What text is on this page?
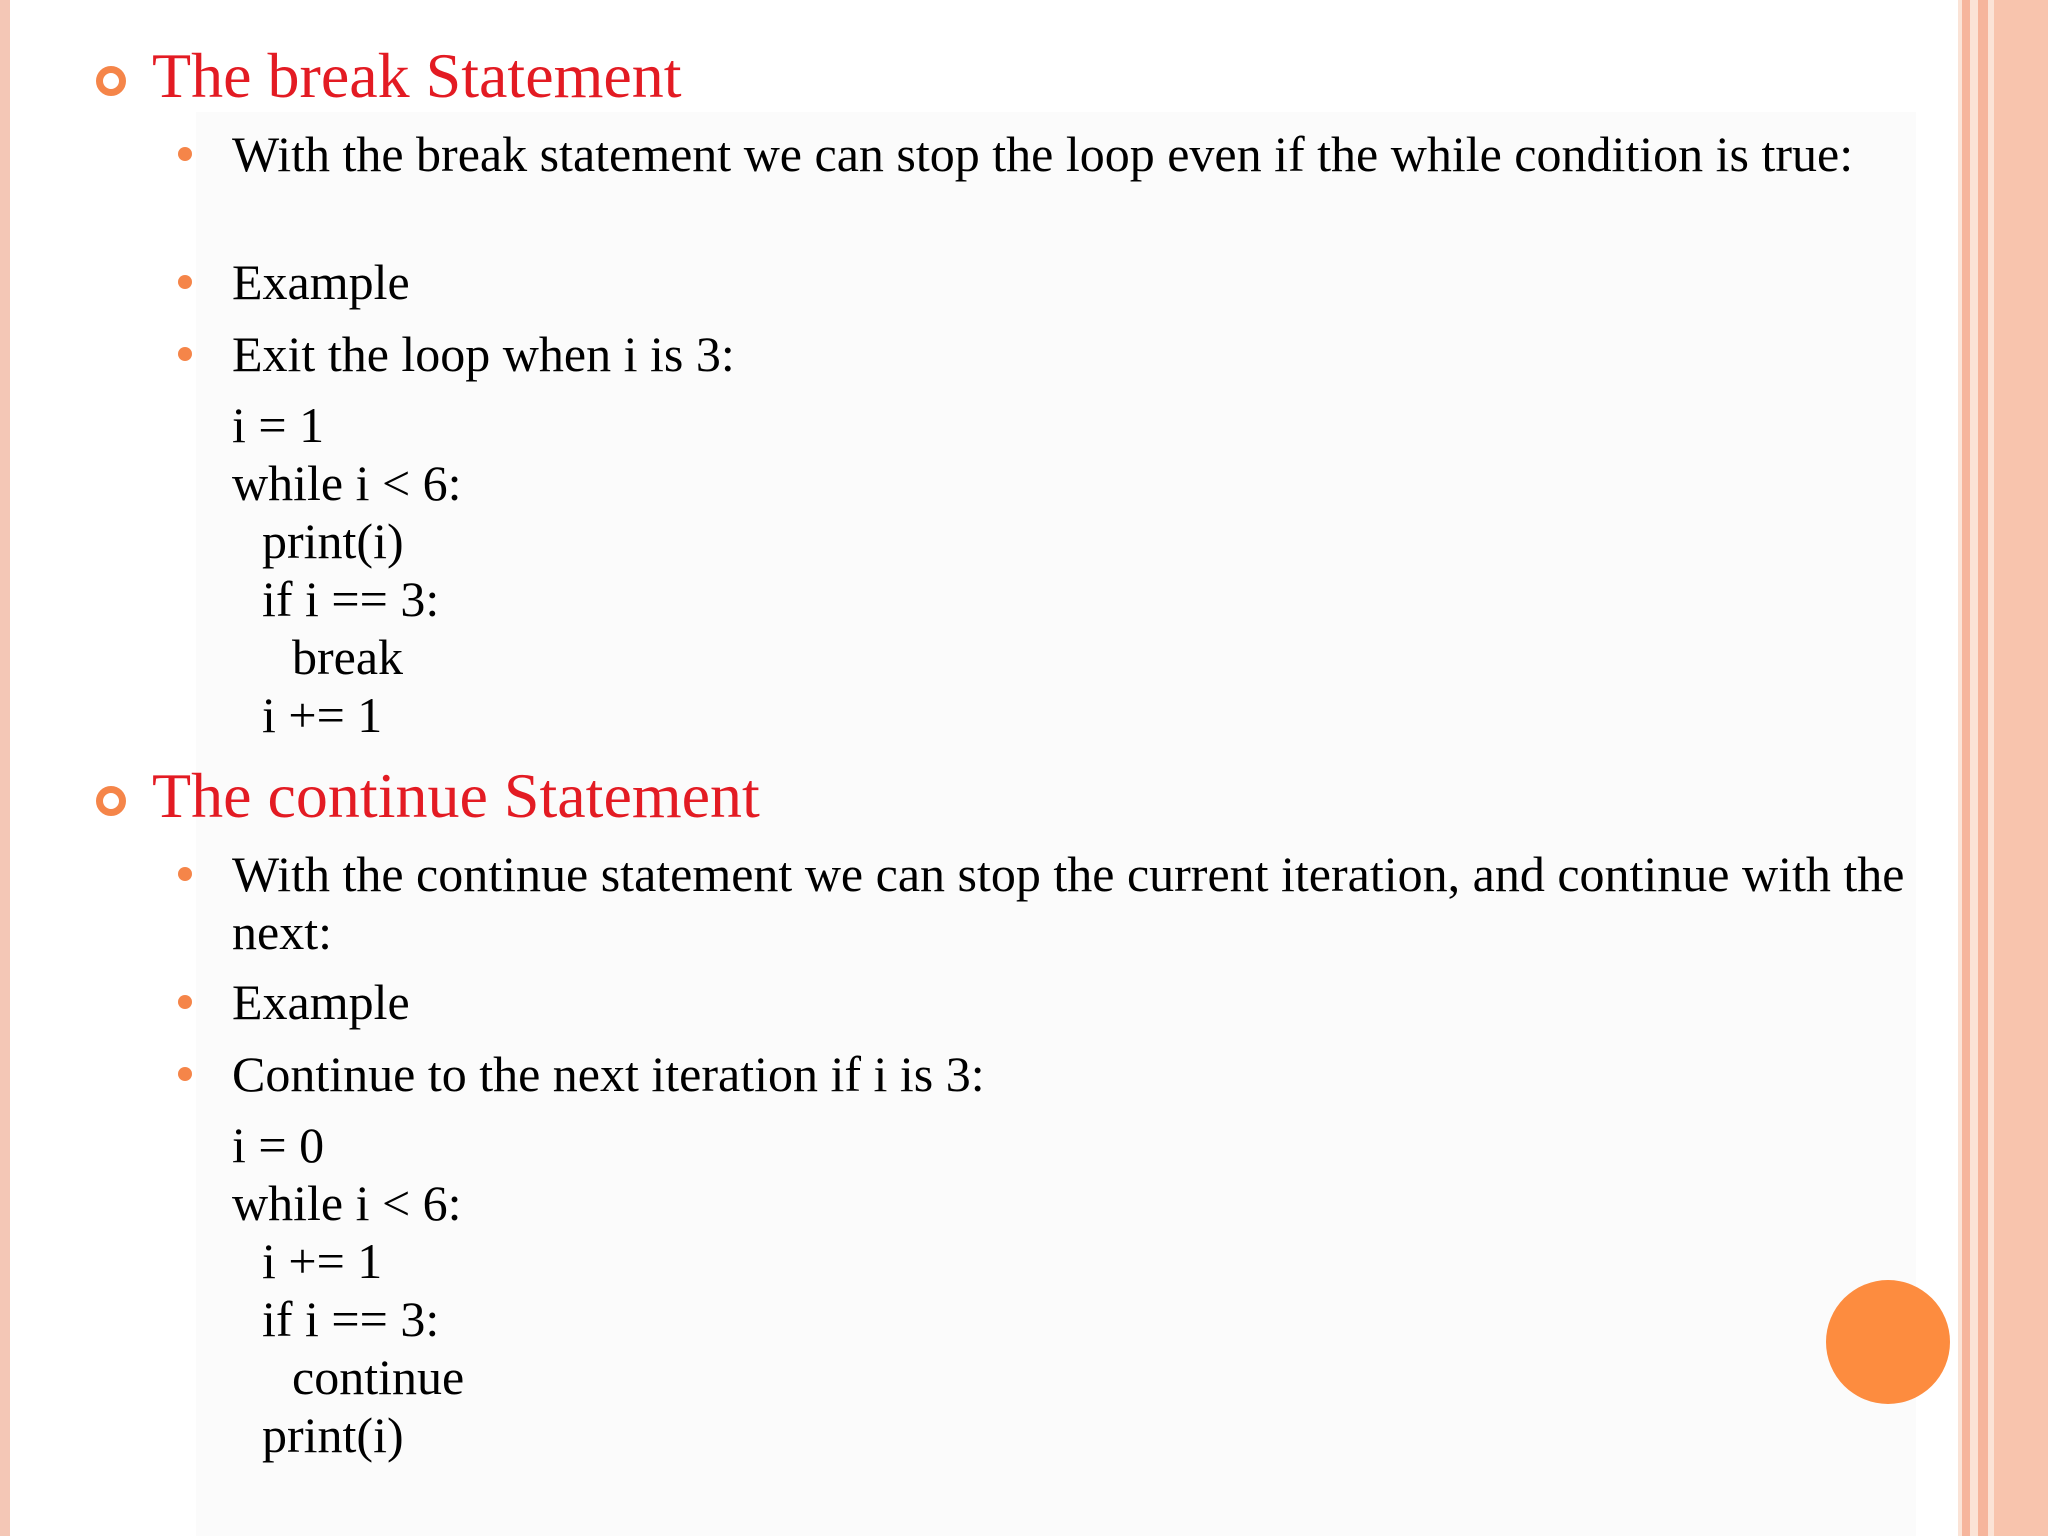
The break Statement

With the break statement we can stop the loop even if the while condition is true:

Example

Exit the loop when i is 3:

i = 1

while i < 6:

print(i)

if i == 3:

break

i += 1

The continue Statement

With the continue statement we can stop the current iteration, and continue with the next:

Example

Continue to the next iteration if i is 3:

i = 0

while i < 6:

i += 1

if i == 3:

continue

print(i)
